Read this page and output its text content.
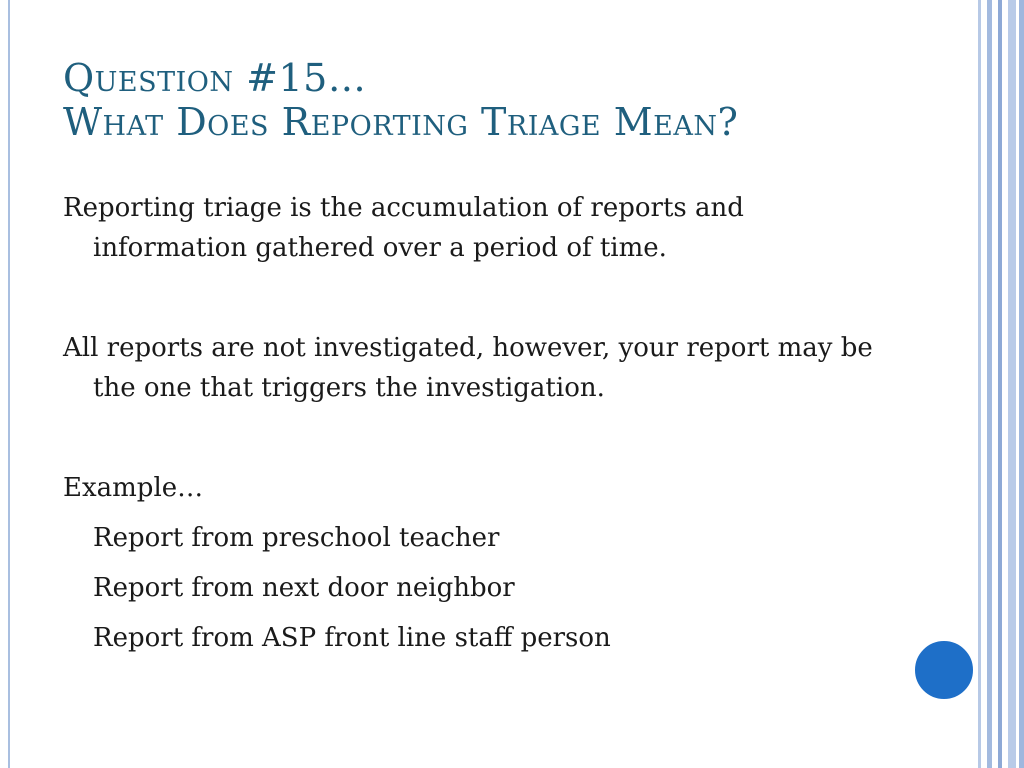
Question #15…
What Does Reporting Triage Mean?

Reporting triage is the accumulation of reports and information gathered over a period of time.

All reports are not investigated, however, your report may be the one that triggers the investigation.

Example…

Report from preschool teacher

Report from next door neighbor

Report from ASP front line staff person
